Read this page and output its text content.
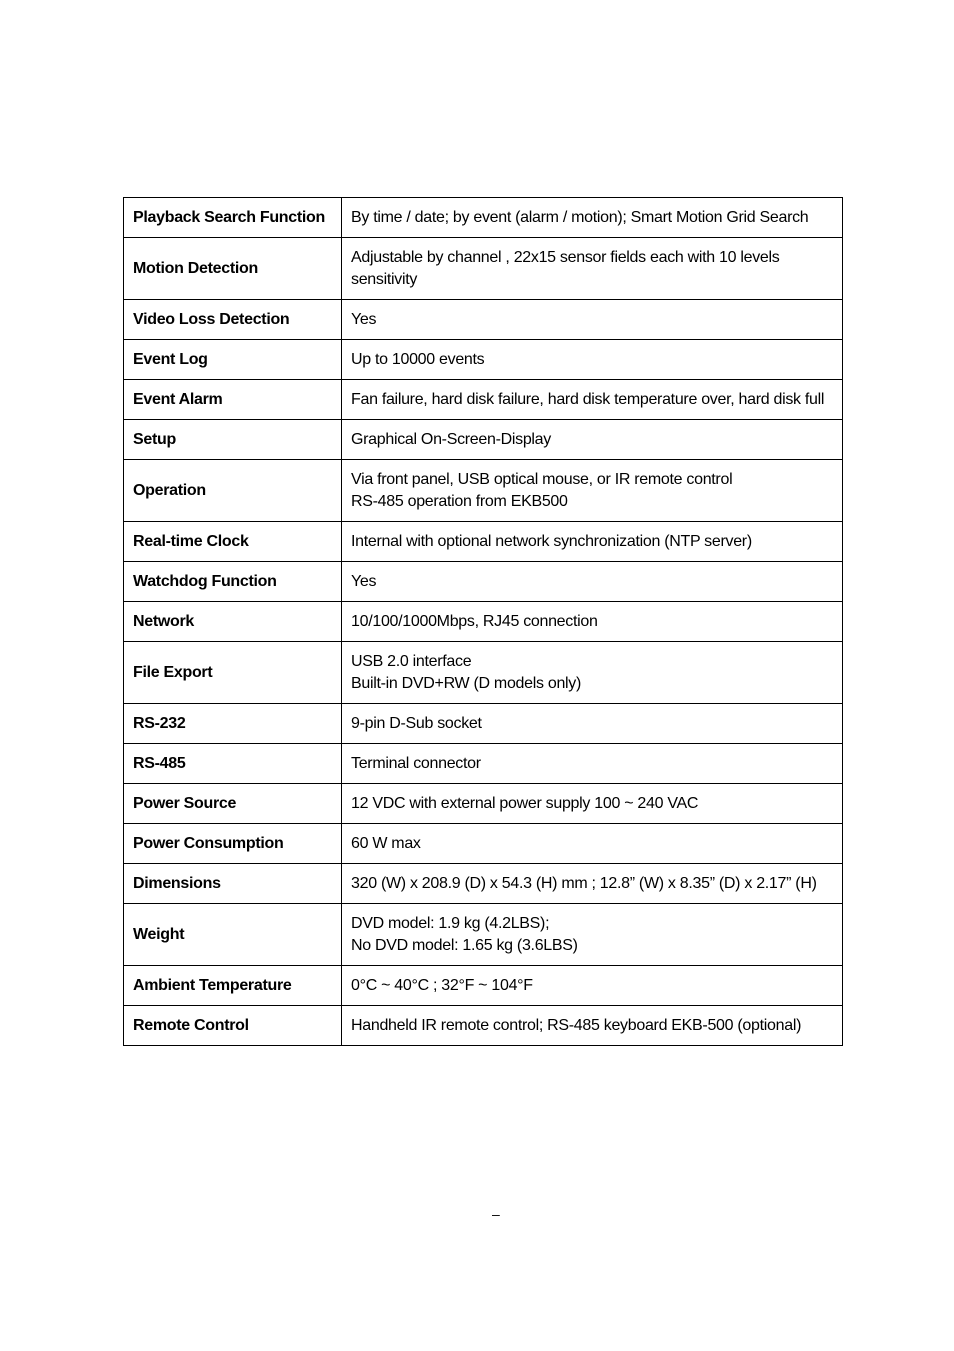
Playback Search Function	By time / date; by event (alarm / motion); Smart Motion Grid Search
Motion Detection	Adjustable by channel , 22x15 sensor fields each with 10 levels
sensitivity
Video Loss Detection	Yes
Event Log	Up to 10000 events
Event Alarm	Fan failure, hard disk failure, hard disk temperature over, hard disk full
Setup	Graphical On-Screen-Display
Operation	Via front panel, USB optical mouse, or IR remote control
RS-485 operation from EKB500
Real-time Clock	Internal with optional network synchronization (NTP server)
Watchdog Function	Yes
Network	10/100/1000Mbps, RJ45 connection
File Export	USB 2.0 interface
Built-in DVD+RW (D models only)
RS-232	9-pin D-Sub socket
RS-485	Terminal connector
Power Source	12 VDC with external power supply 100 ~ 240 VAC
Power Consumption	60 W max
Dimensions	320 (W) x 208.9 (D) x 54.3 (H) mm ; 12.8” (W) x 8.35” (D) x 2.17” (H)
Weight	DVD model: 1.9 kg (4.2LBS);
No DVD model: 1.65 kg (3.6LBS)
Ambient Temperature	0°C ~ 40°C ; 32°F ~ 104°F
Remote Control	Handheld IR remote control; RS-485 keyboard EKB-500 (optional)
–
